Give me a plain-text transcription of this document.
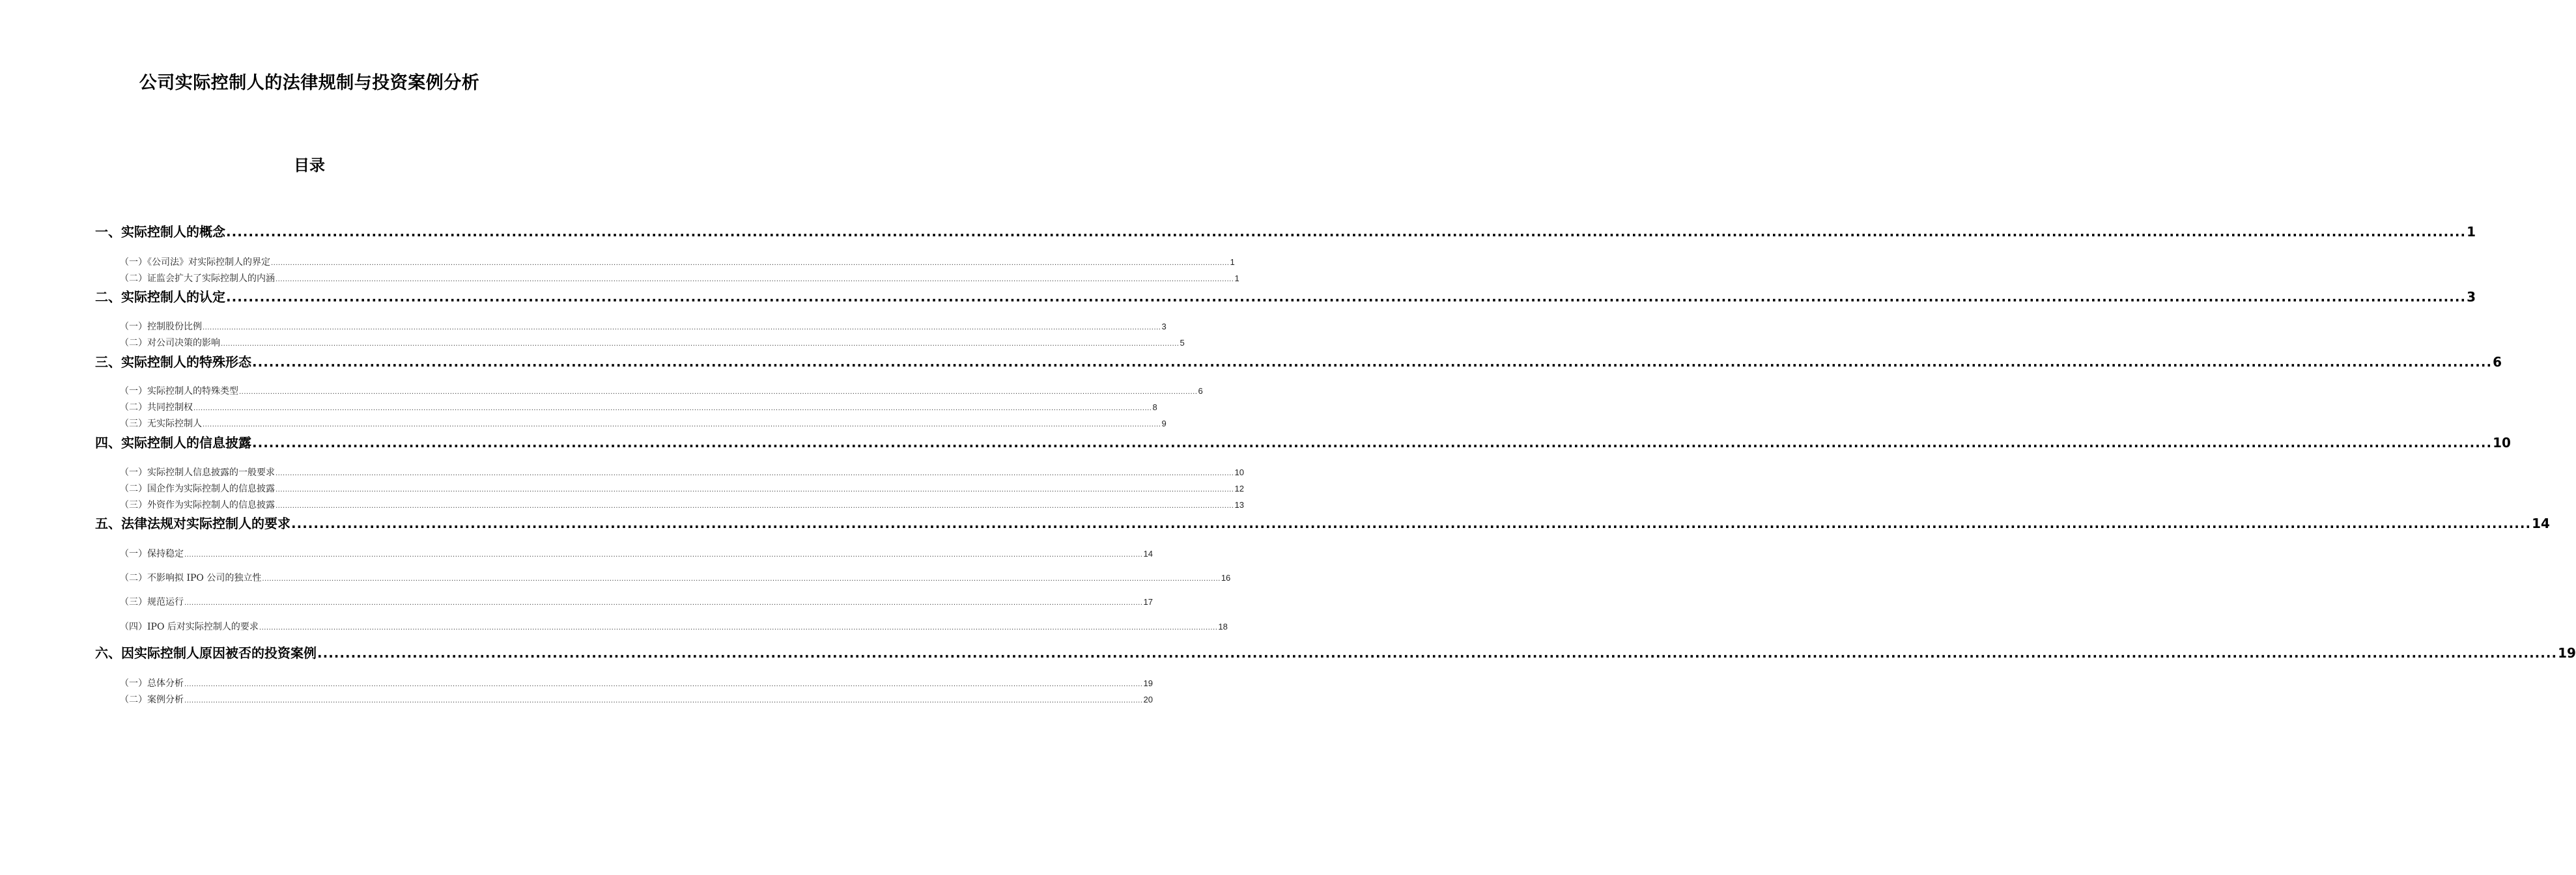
公司实际控制人的法律规制与投资案例分析
目录
一、实际控制人的概念 ................................................................................................................................................................................................................................................................................................................................................................................................................ 1
（一）《公司法》对实际控制人的界定 ................................................................................................................................................................................................................................................................................................................................................................................................................ 1
（二）证监会扩大了实际控制人的内涵 ................................................................................................................................................................................................................................................................................................................................................................................................................ 1
二、实际控制人的认定 ................................................................................................................................................................................................................................................................................................................................................................................................................ 3
（一）控制股份比例 ................................................................................................................................................................................................................................................................................................................................................................................................................ 3
（二）对公司决策的影响 ................................................................................................................................................................................................................................................................................................................................................................................................................ 5
三、实际控制人的特殊形态 ................................................................................................................................................................................................................................................................................................................................................................................................................ 6
（一）实际控制人的特殊类型 ................................................................................................................................................................................................................................................................................................................................................................................................................ 6
（二）共同控制权 ................................................................................................................................................................................................................................................................................................................................................................................................................ 8
（三）无实际控制人 ................................................................................................................................................................................................................................................................................................................................................................................................................ 9
四、实际控制人的信息披露 ................................................................................................................................................................................................................................................................................................................................................................................................................ 10
（一）实际控制人信息披露的一般要求 ................................................................................................................................................................................................................................................................................................................................................................................................................ 10
（二）国企作为实际控制人的信息披露 ................................................................................................................................................................................................................................................................................................................................................................................................................ 12
（三）外资作为实际控制人的信息披露 ................................................................................................................................................................................................................................................................................................................................................................................................................ 13
五、法律法规对实际控制人的要求 ................................................................................................................................................................................................................................................................................................................................................................................................................ 14
（一）保持稳定 ................................................................................................................................................................................................................................................................................................................................................................................................................ 14
（二）不影响拟 IPO 公司的独立性 ................................................................................................................................................................................................................................................................................................................................................................................................................ 16
（三）规范运行 ................................................................................................................................................................................................................................................................................................................................................................................................................ 17
（四）IPO 后对实际控制人的要求 ................................................................................................................................................................................................................................................................................................................................................................................................................ 18
六、因实际控制人原因被否的投资案例 ................................................................................................................................................................................................................................................................................................................................................................................................................ 19
（一）总体分析 ................................................................................................................................................................................................................................................................................................................................................................................................................ 19
（二）案例分析 ................................................................................................................................................................................................................................................................................................................................................................................................................ 20
